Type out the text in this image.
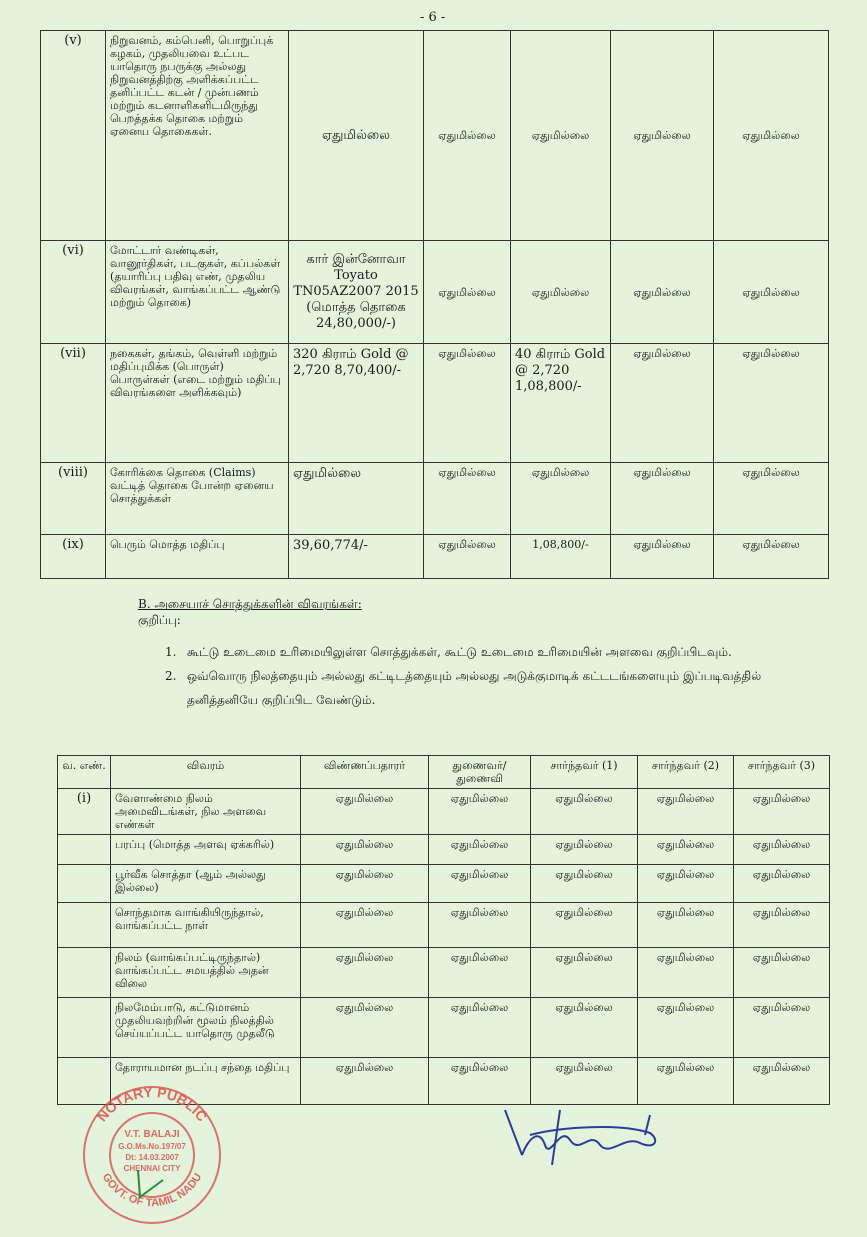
- 6 -
(v)	நிறுவனம், கம்பெனி, பொறுப்புக் கழகம், முதலியவை உட்பட யாதொரு நபருக்கு அல்லது நிறுவனத்திற்கு அளிக்கப்பட்ட தனிப்பட்ட கடன் / முன்பணம் மற்றும் கடனாளிகளிடமிருந்து பெறத்தக்க தொகை மற்றும் ஏனைய தொகைகள்.	ஏதுமில்லை	ஏதுமில்லை	ஏதுமில்லை	ஏதுமில்லை	ஏதுமில்லை
(vi)	மோட்டார் வண்டிகள், வானூர்திகள், படகுகள், கப்பல்கள் (தயாரிப்பு பதிவு எண், முதலிய விவரங்கள், வாங்கப்பட்ட ஆண்டு மற்றும் தொகை)	கார் இன்னோவா Toyato TN05AZ2007 2015 (மொத்த தொகை 24,80,000/-)	ஏதுமில்லை	ஏதுமில்லை	ஏதுமில்லை	ஏதுமில்லை
(vii)	நகைகள், தங்கம், வெள்ளி மற்றும் மதிப்புமிக்க (பொருள்) பொருள்கள் (எடை மற்றும் மதிப்பு விவரங்களை அளிக்கவும்)	320 கிராம் Gold @ 2,720 8,70,400/-	ஏதுமில்லை	40 கிராம் Gold @ 2,720 1,08,800/-	ஏதுமில்லை	ஏதுமில்லை
(viii)	கோரிக்கை தொகை (Claims) வட்டித் தொகை போன்ற ஏனைய சொத்துக்கள்	ஏதுமில்லை	ஏதுமில்லை	ஏதுமில்லை	ஏதுமில்லை	ஏதுமில்லை
(ix)	பெரும் மொத்த மதிப்பு	39,60,774/-	ஏதுமில்லை	1,08,800/-	ஏதுமில்லை	ஏதுமில்லை
B. அசையாச் சொத்துக்களின் விவரங்கள்:
குறிப்பு:
1. கூட்டு உடைமை உரிமையிலுள்ள சொத்துக்கள், கூட்டு உடைமை உரிமையின் அளவை குறிப்பிடவும்.
2. ஒவ்வொரு நிலத்தையும் அல்லது கட்டிடத்தையும் அல்லது அடுக்குமாடிக் கட்டடங்களையும் இப்படிவத்தில் தனித்தனியே குறிப்பிட வேண்டும்.
வ. எண்.	விவரம்	விண்ணப்பதாரர்	துணைவர்/ துணைவி	சார்ந்தவர் (1)	சார்ந்தவர் (2)	சார்ந்தவர் (3)
(i)	வேளாண்மை நிலம் அமைவிடங்கள், நில அளவை எண்கள்	ஏதுமில்லை	ஏதுமில்லை	ஏதுமில்லை	ஏதுமில்லை	ஏதுமில்லை
	பரப்பு (மொத்த அளவு ஏக்கரில்)	ஏதுமில்லை	ஏதுமில்லை	ஏதுமில்லை	ஏதுமில்லை	ஏதுமில்லை
	பூர்வீக சொத்தா (ஆம் அல்லது இல்லை)	ஏதுமில்லை	ஏதுமில்லை	ஏதுமில்லை	ஏதுமில்லை	ஏதுமில்லை
	சொந்தமாக வாங்கியிருந்தால், வாங்கப்பட்ட நாள்	ஏதுமில்லை	ஏதுமில்லை	ஏதுமில்லை	ஏதுமில்லை	ஏதுமில்லை
	நிலம் (வாங்கப்பட்டிருந்தால்) வாங்கப்பட்ட சமயத்தில் அதன் விலை	ஏதுமில்லை	ஏதுமில்லை	ஏதுமில்லை	ஏதுமில்லை	ஏதுமில்லை
	நிலமேம்பாடு, கட்டுமானம் முதலியவற்றின் மூலம் நிலத்தில் செய்யப்பட்ட யாதொரு முதலீடு	ஏதுமில்லை	ஏதுமில்லை	ஏதுமில்லை	ஏதுமில்லை	ஏதுமில்லை
	தோராயமான நடப்பு சந்தை மதிப்பு	ஏதுமில்லை	ஏதுமில்லை	ஏதுமில்லை	ஏதுமில்லை	ஏதுமில்லை
NOTARY PUBLIC
GOVT. OF TAMIL NADU
V.T. BALAJI
G.O.Ms.No.197/07
Dt: 14.03.2007
CHENNAI CITY
